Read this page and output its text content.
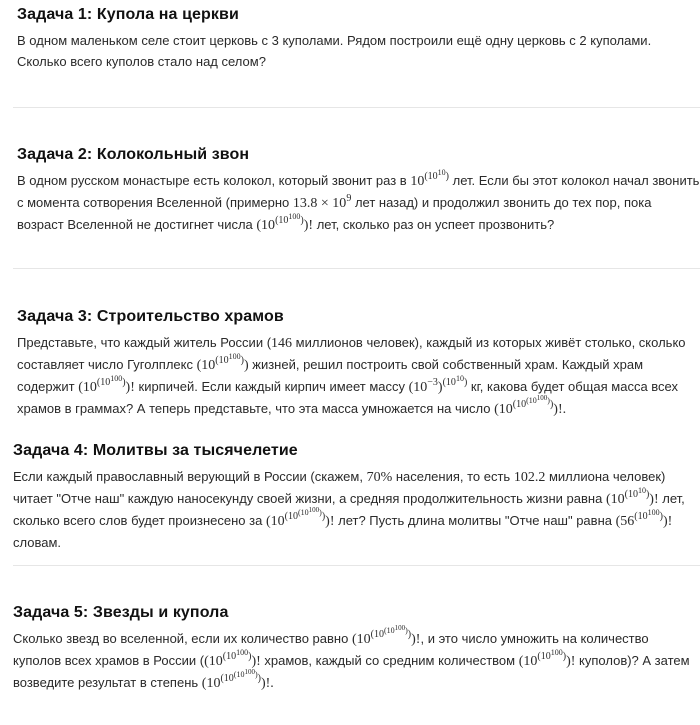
Задача 1: Купола на церкви

В одном маленьком селе стоит церковь с 3 куполами. Рядом построили ещё одну церковь с 2 куполами. Сколько всего куполов стало над селом?

Задача 2: Колокольный звон

В одном русском монастыре есть колокол, который звонит раз в $10^{(10^{10})}$ лет. Если бы этот колокол начал звонить с момента сотворения Вселенной (примерно $13.8 \times 10^9$ лет назад) и продолжил звонить до тех пор, пока возраст Вселенной не достигнет числа $(10^{(10^{100})})$! лет, сколько раз он успеет прозвонить?

Задача 3: Строительство храмов

Представьте, что каждый житель России (146 миллионов человек), каждый из которых живёт столько, сколько составляет число Гуголплекс $(10^{(10^{100})})$ жизней, решил построить свой собственный храм. Каждый храм содержит $(10^{(10^{100})})$! кирпичей. Если каждый кирпич имеет массу $(10^{-3})^{(10^{10})}$ кг, какова будет общая масса всех храмов в граммах? А теперь представьте, что эта масса умножается на число $(10^{(10^{(10^{100})})})$!.

Задача 4: Молитвы за тысячелетие

Если каждый православный верующий в России (скажем, 70% населения, то есть 102.2 миллиона человек) читает "Отче наш" каждую наносекунду своей жизни, а средняя продолжительность жизни равна $(10^{(10^{10})})$! лет, сколько всего слов будет произнесено за $(10^{(10^{(10^{100})})})$! лет? Пусть длина молитвы "Отче наш" равна $(56^{(10^{100})})$! словам.

Задача 5: Звезды и купола

Сколько звезд во вселенной, если их количество равно $(10^{(10^{(10^{100})})})$!, и это число умножить на количество куполов всех храмов в России ($(10^{(10^{100})})$! храмов, каждый со средним количеством $(10^{(10^{100})})$! куполов)? А затем возведите результат в степень $(10^{(10^{(10^{100})})})$!.
